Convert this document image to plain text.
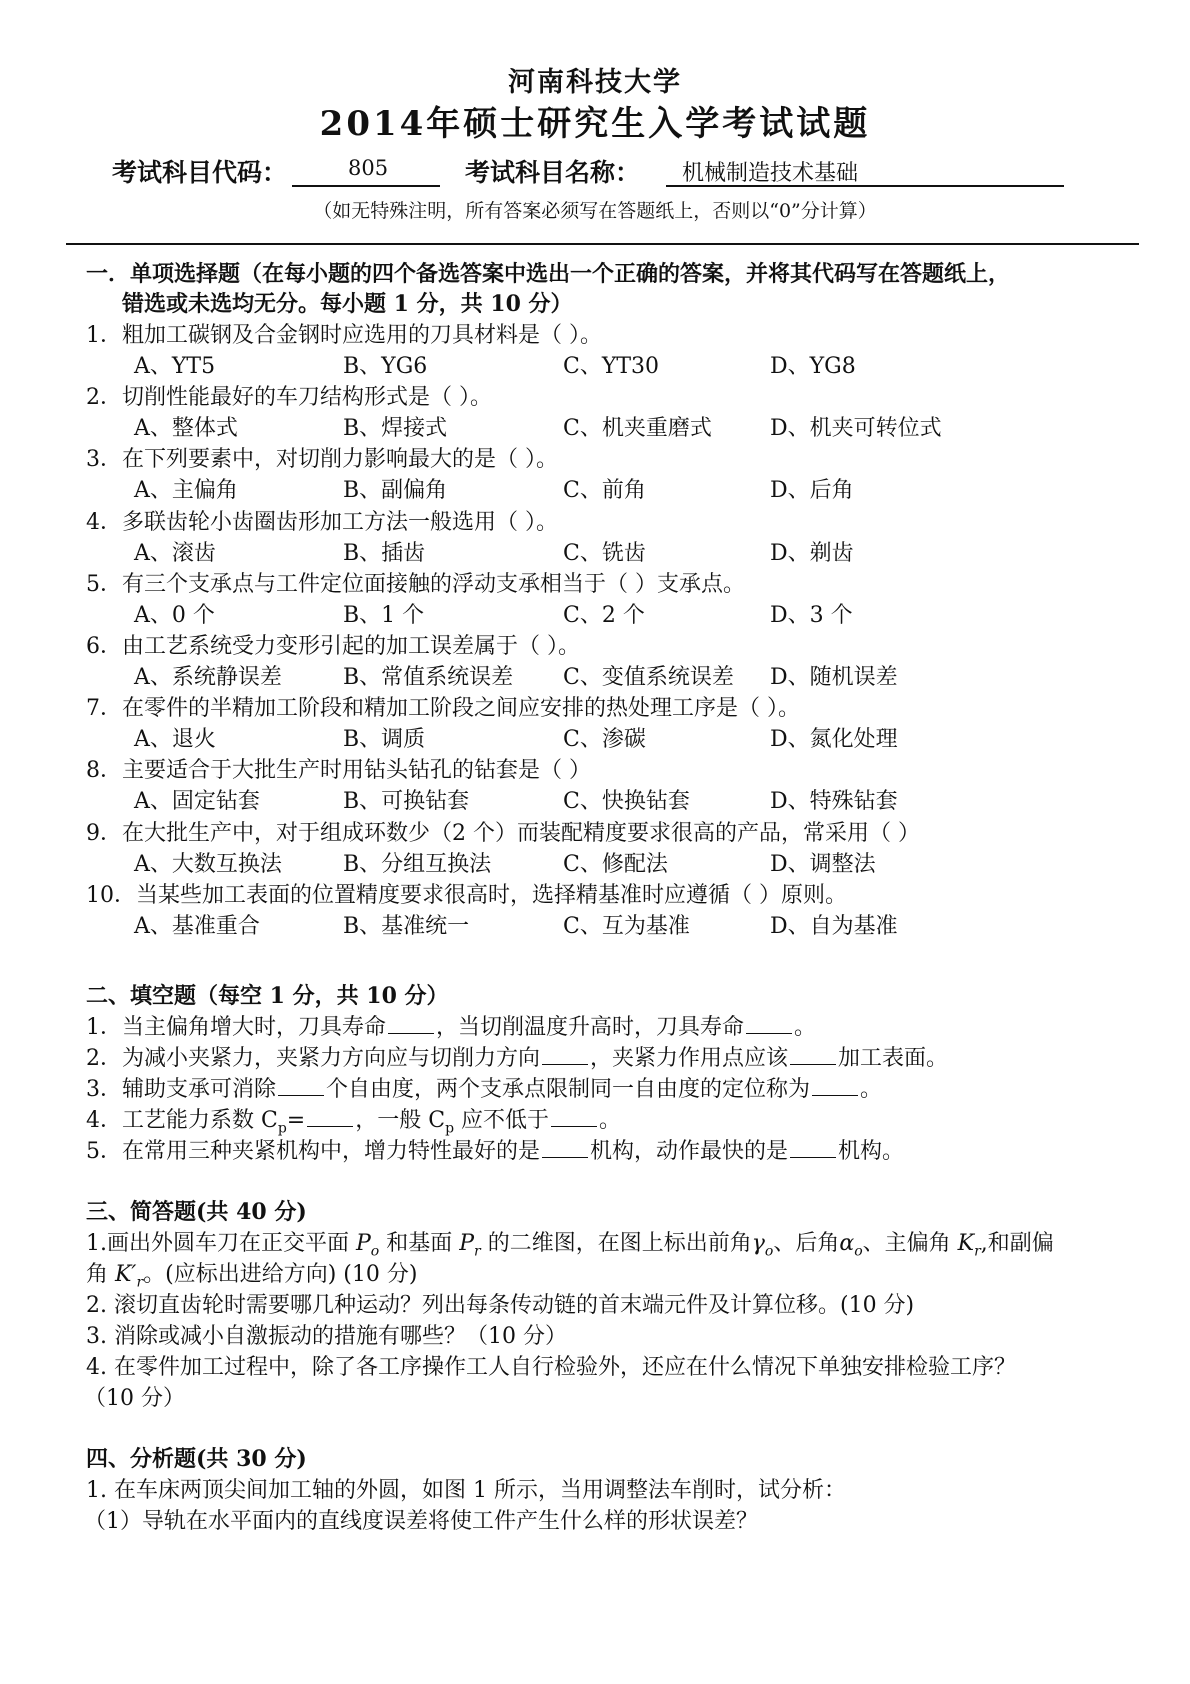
河南科技大学
2014年硕士研究生入学考试试题
考试科目代码：	805	考试科目名称： 机械制造技术基础
（如无特殊注明，所有答案必须写在答题纸上，否则以“0”分计算）
一．单项选择题（在每小题的四个备选答案中选出一个正确的答案，并将其代码写在答题纸上，
错选或未选均无分。每小题 1 分，共 10 分）
1．粗加工碳钢及合金钢时应选用的刀具材料是（ ）。
A、YT5	B、YG6	C、YT30	D、YG8
2．切削性能最好的车刀结构形式是（ ）。
A、整体式	B、焊接式	C、机夹重磨式	D、机夹可转位式
3．在下列要素中，对切削力影响最大的是（ ）。
A、主偏角	B、副偏角	C、前角	D、后角
4．多联齿轮小齿圈齿形加工方法一般选用（ ）。
A、滚齿	B、插齿	C、铣齿	D、剃齿
5．有三个支承点与工件定位面接触的浮动支承相当于（ ）支承点。
A、0 个	B、1 个	C、2 个	D、3 个
6．由工艺系统受力变形引起的加工误差属于（ ）。
A、系统静误差	B、常值系统误差 C、变值系统误差 D、随机误差
7．在零件的半精加工阶段和精加工阶段之间应安排的热处理工序是（ ）。
A、退火	B、调质	C、渗碳	D、氮化处理
8．主要适合于大批生产时用钻头钻孔的钻套是（ ）
A、固定钻套	B、可换钻套	C、快换钻套	D、特殊钻套
9．在大批生产中，对于组成环数少（2 个）而装配精度要求很高的产品，常采用（ ）
A、大数互换法	B、分组互换法	C、修配法	D、调整法
10．当某些加工表面的位置精度要求很高时，选择精基准时应遵循（ ）原则。
A、基准重合	B、基准统一	C、互为基准	D、自为基准
二、填空题（每空 1 分，共 10 分）
1．当主偏角增大时，刀具寿命 ，当切削温度升高时，刀具寿命 。
2．为减小夹紧力，夹紧力方向应与切削力方向 ，夹紧力作用点应该 加工表面。
3．辅助支承可消除 个自由度，两个支承点限制同一自由度的定位称为 。
4．工艺能力系数 $C_p=$ ，一般 $C_p$ 应不低于 。
5．在常用三种夹紧机构中，增力特性最好的是 机构，动作最快的是 机构。
三、简答题(共 40 分)
1.画出外圆车刀在正交平面 $P_o$ 和基面 $P_r$ 的二维图，在图上标出前角$\gamma_o$、后角$\alpha_o$、主偏角 $K_r$,和副偏
角 $K'_r$。(应标出进给方向) (10 分)
2. 滚切直齿轮时需要哪几种运动？列出每条传动链的首末端元件及计算位移。(10 分)
3. 消除或减小自激振动的措施有哪些？（10 分）
4. 在零件加工过程中，除了各工序操作工人自行检验外，还应在什么情况下单独安排检验工序？
（10 分）
四、分析题(共 30 分)
1. 在车床两顶尖间加工轴的外圆，如图 1 所示，当用调整法车削时，试分析：
（1）导轨在水平面内的直线度误差将使工件产生什么样的形状误差？
